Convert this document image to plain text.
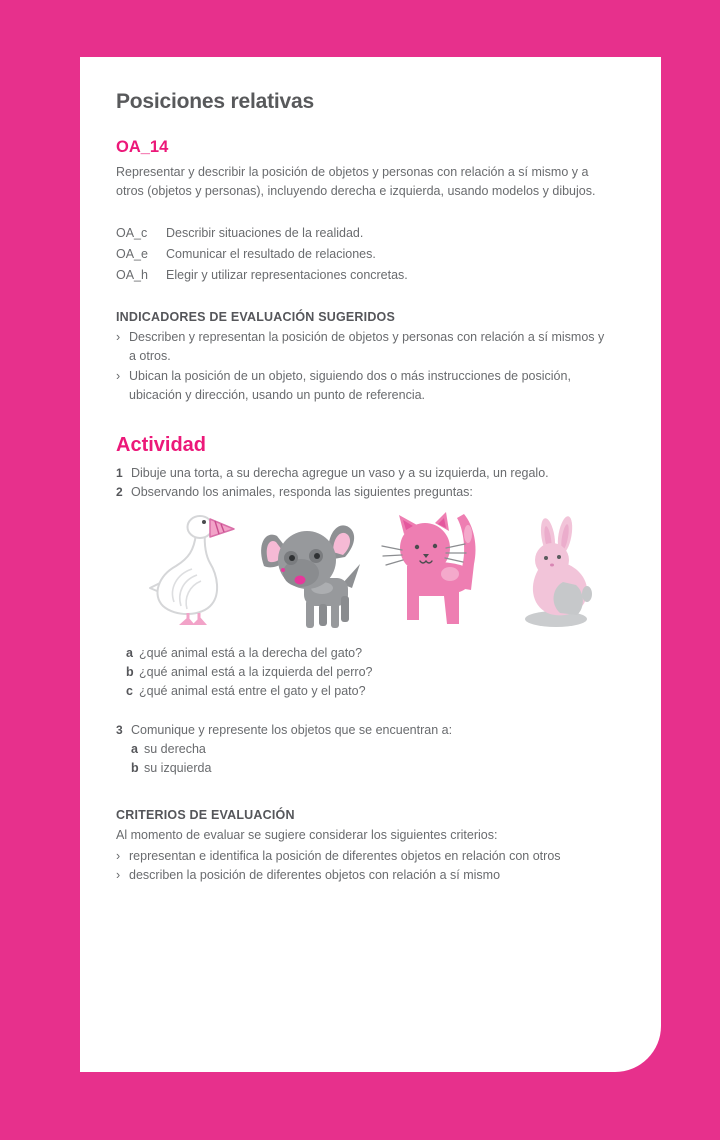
Posiciones relativas
OA_14

Representar y describir la posición de objetos y personas con relación a sí mismo y a otros (objetos y personas), incluyendo derecha e izquierda, usando modelos y dibujos.

OA_c	Describir situaciones de la realidad.
OA_e	Comunicar el resultado de relaciones.
OA_h	Elegir y utilizar representaciones concretas.
INDICADORES DE EVALUACIÓN SUGERIDOS
› Describen y representan la posición de objetos y personas con relación a sí mismos y a otros.
› Ubican la posición de un objeto, siguiendo dos o más instrucciones de posición, ubicación y dirección, usando un punto de referencia.
Actividad
1 Dibuje una torta, a su derecha agregue un vaso y a su izquierda, un regalo.
2 Observando los animales, responda las siguientes preguntas:
a ¿qué animal está a la derecha del gato?
b ¿qué animal está a la izquierda del perro?
c ¿qué animal está entre el gato y el pato?
3 Comunique y represente los objetos que se encuentran a:
a su derecha
b su izquierda
CRITERIOS DE EVALUACIÓN

Al momento de evaluar se sugiere considerar los siguientes criterios:

› representan e identifica la posición de diferentes objetos en relación con otros
› describen la posición de diferentes objetos con relación a sí mismo
